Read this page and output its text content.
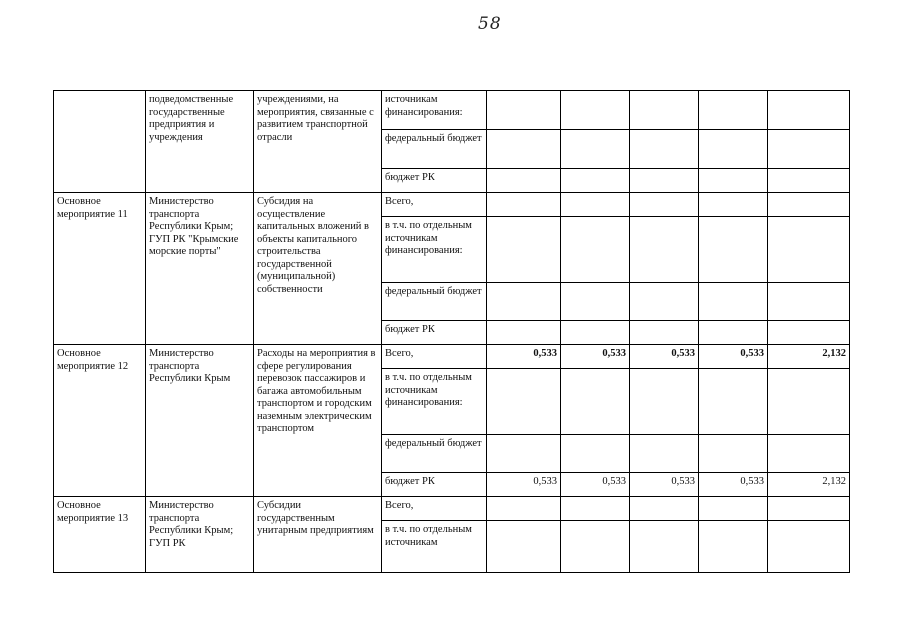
58
	подведомственные государственные предприятия и учреждения	учреждениями, на мероприятия, связанные с развитием транспортной отрасли	источникам финансирования:					
			федеральный бюджет					
			бюджет РК					
Основное мероприятие 11	Министерство транспорта Республики Крым; ГУП РК "Крымские морские порты"	Субсидия на осуществление капитальных вложений в объекты капитального строительства государственной (муниципальной) собственности	Всего,					
			в т.ч. по отдельным источникам финансирования:					
			федеральный бюджет					
			бюджет РК					
Основное мероприятие 12	Министерство транспорта Республики Крым	Расходы на мероприятия в сфере регулирования перевозок пассажиров и багажа автомобильным транспортом и городским наземным электрическим транспортом	Всего,	0,533	0,533	0,533	0,533	2,132
			в т.ч. по отдельным источникам финансирования:					
			федеральный бюджет					
			бюджет РК	0,533	0,533	0,533	0,533	2,132
Основное мероприятие 13	Министерство транспорта Республики Крым; ГУП РК	Субсидии государственным унитарным предприятиям	Всего,					
			в т.ч. по отдельным источникам					
